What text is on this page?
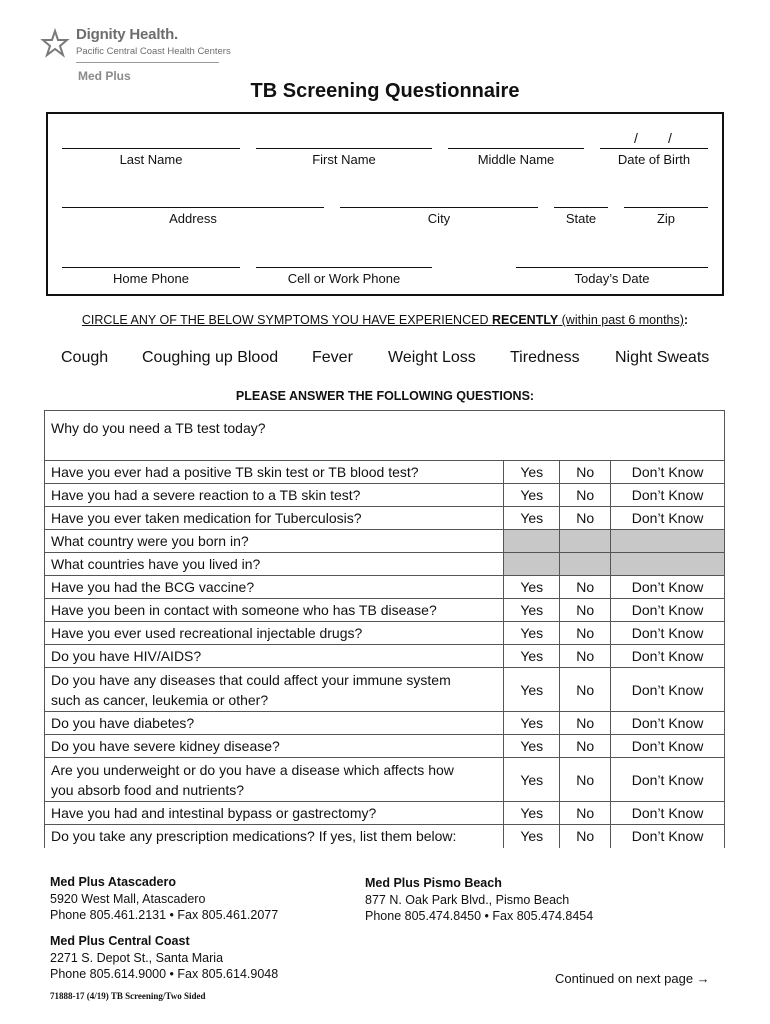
Dignity Health.
Pacific Central Coast Health Centers
Med Plus
TB Screening Questionnaire
Last Name	First Name	Middle Name
/ /
Date of Birth
Address	City	State	Zip
Home Phone	Cell or Work Phone	Today’s Date
CIRCLE ANY OF THE BELOW SYMPTOMS YOU HAVE EXPERIENCED RECENTLY (within past 6 months):
Cough Coughing up Blood Fever Weight Loss Tiredness Night Sweats
PLEASE ANSWER THE FOLLOWING QUESTIONS:
Why do you need a TB test today?			
Have you ever had a positive TB skin test or TB blood test?	Yes	No	Don’t Know
Have you had a severe reaction to a TB skin test?	Yes	No	Don’t Know
Have you ever taken medication for Tuberculosis?	Yes	No	Don’t Know
What country were you born in?			
What countries have you lived in?			
Have you had the BCG vaccine?	Yes	No	Don’t Know
Have you been in contact with someone who has TB disease?	Yes	No	Don’t Know
Have you ever used recreational injectable drugs?	Yes	No	Don’t Know
Do you have HIV/AIDS?	Yes	No	Don’t Know
Do you have any diseases that could affect your immune system
such as cancer, leukemia or other?	Yes	No	Don’t Know
Do you have diabetes?	Yes	No	Don’t Know
Do you have severe kidney disease?	Yes	No	Don’t Know
Are you underweight or do you have a disease which affects how
you absorb food and nutrients?	Yes	No	Don’t Know
Have you had and intestinal bypass or gastrectomy?	Yes	No	Don’t Know
Do you take any prescription medications? If yes, list them below:	Yes	No	Don’t Know
Med Plus Atascadero
5920 West Mall, Atascadero
Phone 805.461.2131 • Fax 805.461.2077
Med Plus Pismo Beach
877 N. Oak Park Blvd., Pismo Beach
Phone 805.474.8450 • Fax 805.474.8454
Med Plus Central Coast
2271 S. Depot St., Santa Maria
Phone 805.614.9000 • Fax 805.614.9048	Continued on next page →
71888-17 (4/19) TB Screening/Two Sided
